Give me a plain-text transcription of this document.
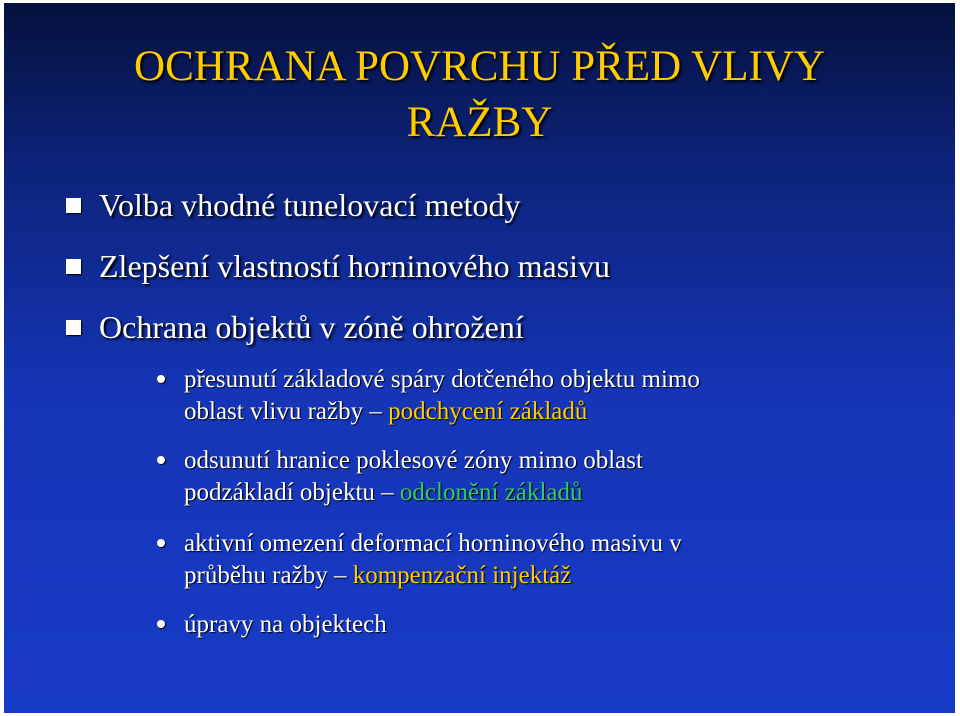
OCHRANA POVRCHU PŘED VLIVY
RAŽBY
Volba vhodné tunelovací metody
Zlepšení vlastností horninového masivu
Ochrana objektů v zóně ohrožení
přesunutí základové spáry dotčeného objektu mimo
oblast vlivu ražby – podchycení základů
odsunutí hranice poklesové zóny mimo oblast
podzákladí objektu – odclonění základů
aktivní omezení deformací horninového masivu v
průběhu ražby – kompenzační injektáž
úpravy na objektech
